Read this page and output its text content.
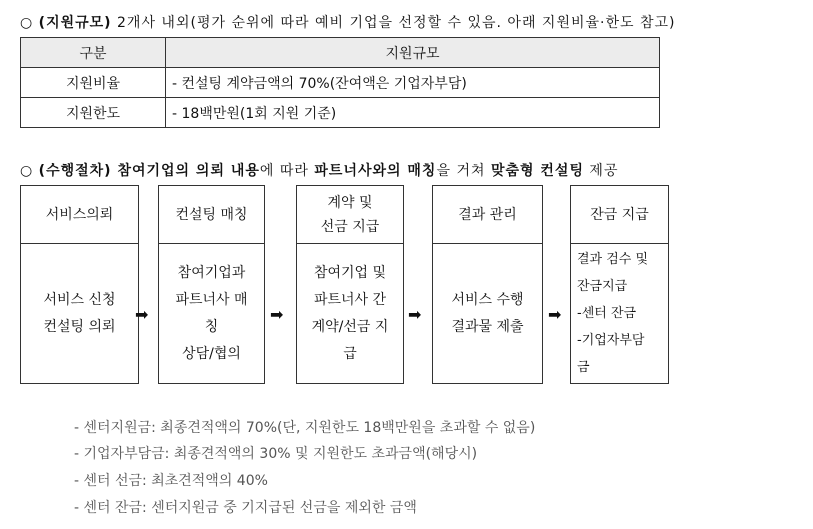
○ (지원규모) 2개사 내외(평가 순위에 따라 예비 기업을 선정할 수 있음. 아래 지원비율·한도 참고)
구분	지원규모
지원비율	- 컨설팅 계약금액의 70%(잔여액은 기업자부담)
지원한도	- 18백만원(1회 지원 기준)
○ (수행절차) 참여기업의 의뢰 내용에 따라 파트너사와의 매칭을 거쳐 맞춤형 컨설팅 제공
서비스의뢰
서비스 신청
컨설팅 의뢰
➡
컨설팅 매칭
참여기업과
파트너사 매
칭
상담/협의
➡
계약 및
선금 지급
참여기업 및
파트너사 간
계약/선금 지
급
➡
결과 관리
서비스 수행
결과물 제출
➡
잔금 지급
결과 검수 및
잔금지급
-센터 잔금
-기업자부담
금
- 센터지원금: 최종견적액의 70%(단, 지원한도 18백만원을 초과할 수 없음)
- 기업자부담금: 최종견적액의 30% 및 지원한도 초과금액(해당시)
- 센터 선금: 최초견적액의 40%
- 센터 잔금: 센터지원금 중 기지급된 선금을 제외한 금액
